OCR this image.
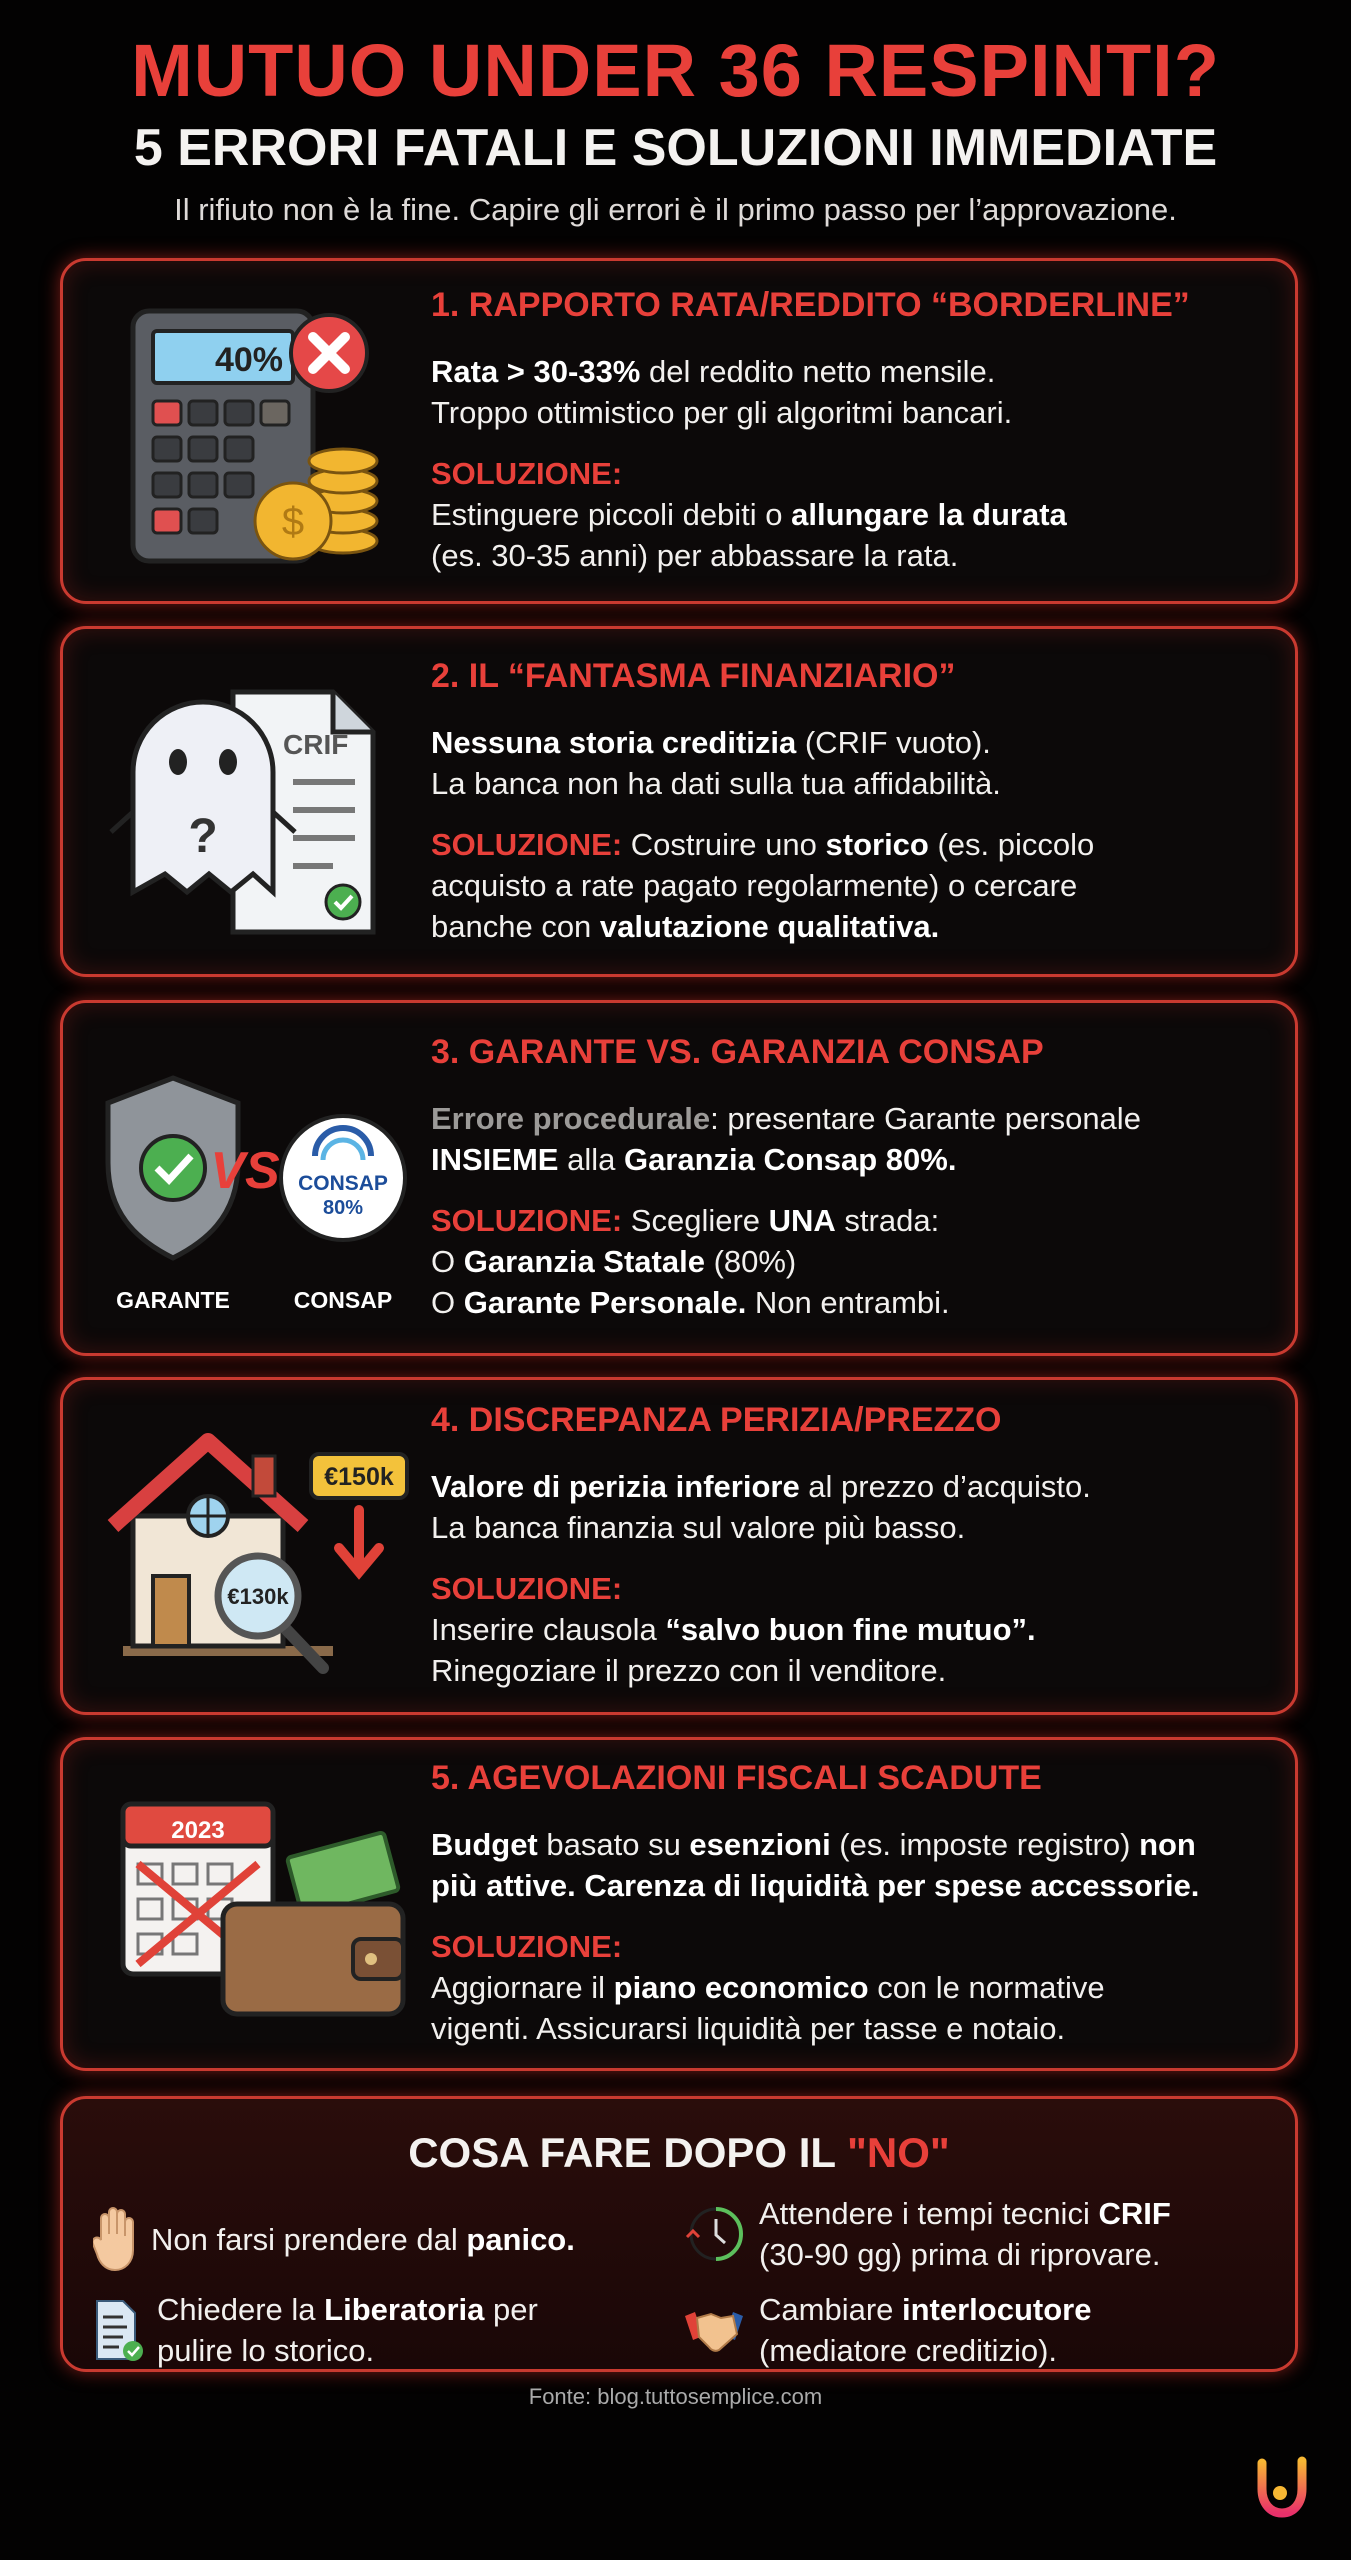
MUTUO UNDER 36 RESPINTI?
5 ERRORI FATALI E SOLUZIONI IMMEDIATE
Il rifiuto non è la fine. Capire gli errori è il primo passo per l’approvazione.
40%
$
1. RAPPORTO RATA/REDDITO “BORDERLINE”
Rata > 30-33% del reddito netto mensile.
Troppo ottimistico per gli algoritmi bancari.
SOLUZIONE:
Estinguere piccoli debiti o allungare la durata
(es. 30-35 anni) per abbassare la rata.
?
CRIF
2. IL “FANTASMA FINANZIARIO”
Nessuna storia creditizia (CRIF vuoto).
La banca non ha dati sulla tua affidabilità.
SOLUZIONE: Costruire uno storico (es. piccolo
acquisto a rate pagato regolarmente) o cercare
banche con valutazione qualitativa.
VS CONSAP
80%
GARANTE	CONSAP
3. GARANTE VS. GARANZIA CONSAP
Errore procedurale: presentare Garante personale
INSIEME alla Garanzia Consap 80%.
SOLUZIONE: Scegliere UNA strada:
O Garanzia Statale (80%)
O Garante Personale. Non entrambi.
€130k
€150k
4. DISCREPANZA PERIZIA/PREZZO
Valore di perizia inferiore al prezzo d’acquisto.
La banca finanzia sul valore più basso.
SOLUZIONE:
Inserire clausola “salvo buon fine mutuo”.
Rinegoziare il prezzo con il venditore.
2023
5. AGEVOLAZIONI FISCALI SCADUTE
Budget basato su esenzioni (es. imposte registro) non
più attive. Carenza di liquidità per spese accessorie.
SOLUZIONE:
Aggiornare il piano economico con le normative
vigenti. Assicurarsi liquidità per tasse e notaio.
COSA FARE DOPO IL "NO"
Non farsi prendere dal panico.
Attendere i tempi tecnici CRIF
(30-90 gg) prima di riprovare.
Chiedere la Liberatoria per
pulire lo storico.
Cambiare interlocutore
(mediatore creditizio).
Fonte: blog.tuttosemplice.com
